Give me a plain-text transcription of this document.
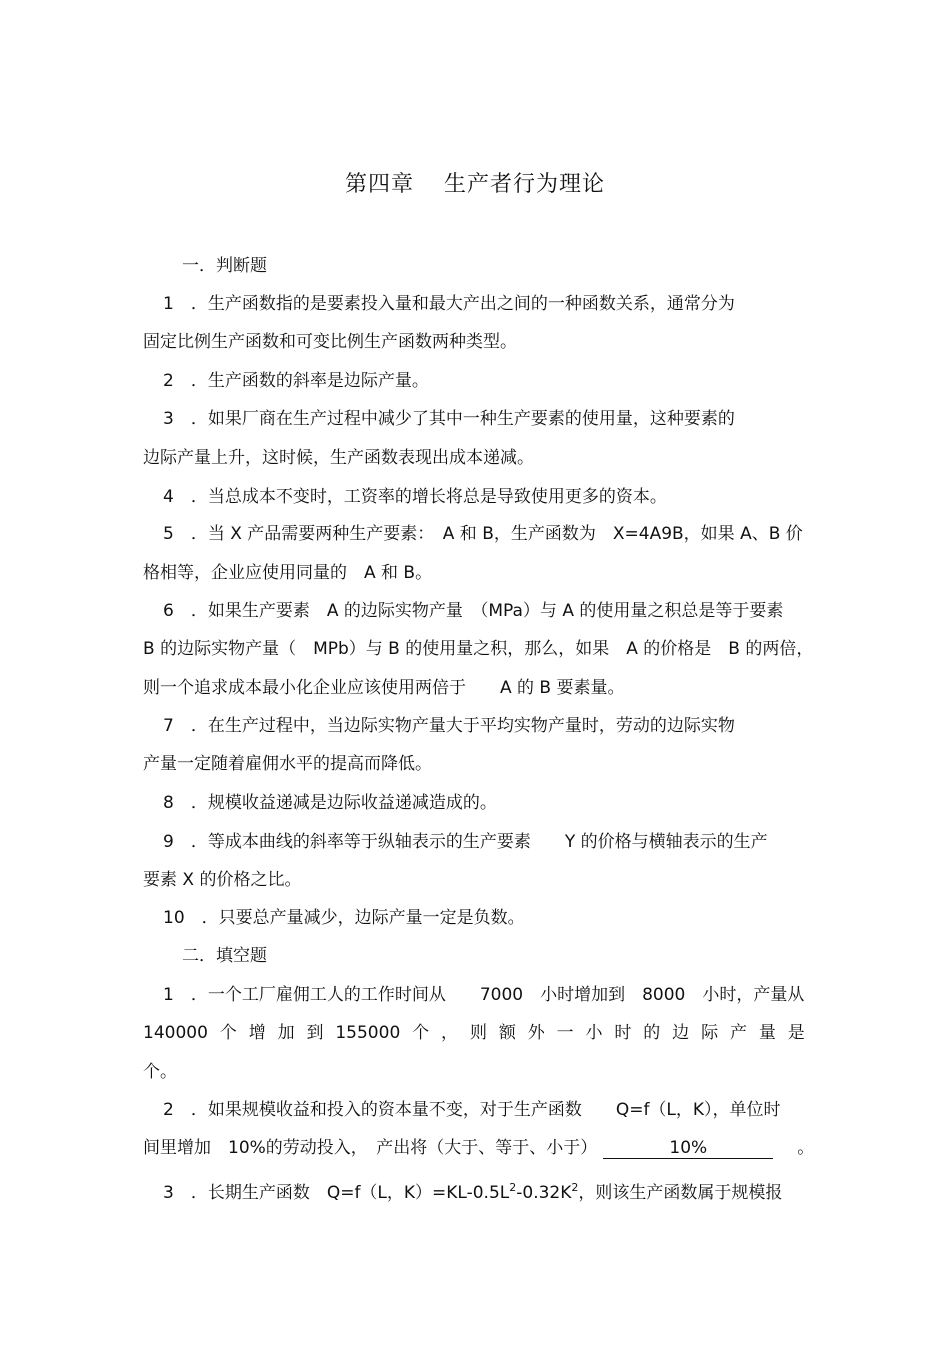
第四章 生产者行为理论
一．判断题
1　．生产函数指的是要素投入量和最大产出之间的一种函数关系，通常分为
固定比例生产函数和可变比例生产函数两种类型。
2　．生产函数的斜率是边际产量。
3　．如果厂商在生产过程中减少了其中一种生产要素的使用量，这种要素的
边际产量上升，这时候，生产函数表现出成本递减。
4　．当总成本不变时，工资率的增长将总是导致使用更多的资本。
5　．当 X 产品需要两种生产要素：　A 和 B，生产函数为　X=4A9B，如果 A、B 价
格相等，企业应使用同量的　A 和 B。
6　．如果生产要素　A 的边际实物产量　（MPa）与 A 的使用量之积总是等于要素
B 的边际实物产量（　MPb）与 B 的使用量之积，那么，如果　A 的价格是　B 的两倍，
则一个追求成本最小化企业应该使用两倍于　　A 的 B 要素量。
7　．在生产过程中，当边际实物产量大于平均实物产量时，劳动的边际实物
产量一定随着雇佣水平的提高而降低。
8　．规模收益递减是边际收益递减造成的。
9　．等成本曲线的斜率等于纵轴表示的生产要素　　Y 的价格与横轴表示的生产
要素 X 的价格之比。
10　．只要总产量减少，边际产量一定是负数。
二．填空题
1　．一个工厂雇佣工人的工作时间从　　7000　小时增加到　8000　小时，产量从
140000 个 增 加 到 155000 个 ， 则 额 外 一 小 时 的 边 际 产 量 是
个。
2　．如果规模收益和投入的资本量不变，对于生产函数　　Q=f（L，K），单位时
间里增加　10%的劳动投入，　产出将（大于、等于、小于）	10%	。
3　．长期生产函数　Q=f（L，$K)=KL-0.5L^2-0.32K^2$，则该生产函数属于规模报
